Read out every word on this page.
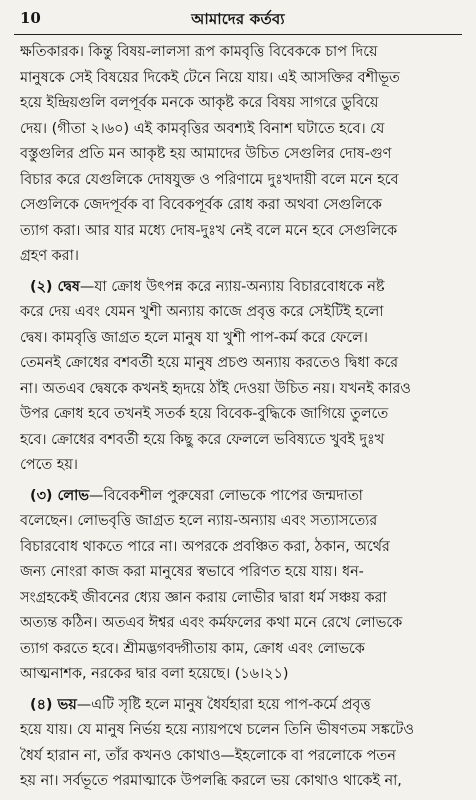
10	আমাদের কর্তব্য
ক্ষতিকারক। কিন্তু বিষয়-লালসা রূপ কামবৃত্তি বিবেককে চাপ দিয়ে
মানুষকে সেই বিষয়ের দিকেই টেনে নিয়ে যায়। এই আসক্তির বশীভূত
হয়ে ইন্দ্রিয়গুলি বলপূর্বক মনকে আকৃষ্ট করে বিষয় সাগরে ডুবিয়ে
দেয়। (গীতা ২।৬০) এই কামবৃত্তির অবশ্যই বিনাশ ঘটাতে হবে। যে
বস্তুগুলির প্রতি মন আকৃষ্ট হয় আমাদের উচিত সেগুলির দোষ-গুণ
বিচার করে যেগুলিকে দোষযুক্ত ও পরিণামে দুঃখদায়ী বলে মনে হবে
সেগুলিকে জেদপূর্বক বা বিবেকপূর্বক রোধ করা অথবা সেগুলিকে
ত্যাগ করা। আর যার মধ্যে দোষ-দুঃখ নেই বলে মনে হবে সেগুলিকে
গ্রহণ করা।
(২) দ্বেষ—যা ক্রোধ উৎপন্ন করে ন্যায়-অন্যায় বিচারবোধকে নষ্ট
করে দেয় এবং যেমন খুশী অন্যায় কাজে প্রবৃত্ত করে সেইটিই হলো
দ্বেষ। কামবৃত্তি জাগ্রত হলে মানুষ যা খুশী পাপ-কর্ম করে ফেলে।
তেমনই ক্রোধের বশবর্তী হয়ে মানুষ প্রচণ্ড অন্যায় করতেও দ্বিধা করে
না। অতএব দ্বেষকে কখনই হৃদয়ে ঠাঁই দেওয়া উচিত নয়। যখনই কারও
উপর ক্রোধ হবে তখনই সতর্ক হয়ে বিবেক-বুদ্ধিকে জাগিয়ে তুলতে
হবে। ক্রোধের বশবর্তী হয়ে কিছু করে ফেললে ভবিষ্যতে খুবই দুঃখ
পেতে হয়।
(৩) লোভ—বিবেকশীল পুরুষেরা লোভকে পাপের জন্মদাতা
বলেছেন। লোভবৃত্তি জাগ্রত হলে ন্যায়-অন্যায় এবং সত্যাসত্যের
বিচারবোধ থাকতে পারে না। অপরকে প্রবঞ্চিত করা, ঠকান, অর্থের
জন্য নোংরা কাজ করা মানুষের স্বভাবে পরিণত হয়ে যায়। ধন-
সংগ্রহকেই জীবনের ধ্যেয় জ্ঞান করায় লোভীর দ্বারা ধর্ম সঞ্চয় করা
অত্যন্ত কঠিন। অতএব ঈশ্বর এবং কর্মফলের কথা মনে রেখে লোভকে
ত্যাগ করতে হবে। শ্রীমদ্ভগবদ্গীতায় কাম, ক্রোধ এবং লোভকে
আত্মনাশক, নরকের দ্বার বলা হয়েছে। (১৬।২১)
(৪) ভয়—এটি সৃষ্টি হলে মানুষ ধৈর্যহারা হয়ে পাপ-কর্মে প্রবৃত্ত
হয়ে যায়। যে মানুষ নির্ভয় হয়ে ন্যায়পথে চলেন তিনি ভীষণতম সঙ্কটেও
ধৈর্য হারান না, তাঁর কখনও কোথাও—ইহলোকে বা পরলোকে পতন
হয় না। সর্বভূতে পরমাত্মাকে উপলব্ধি করলে ভয় কোথাও থাকেই না,
